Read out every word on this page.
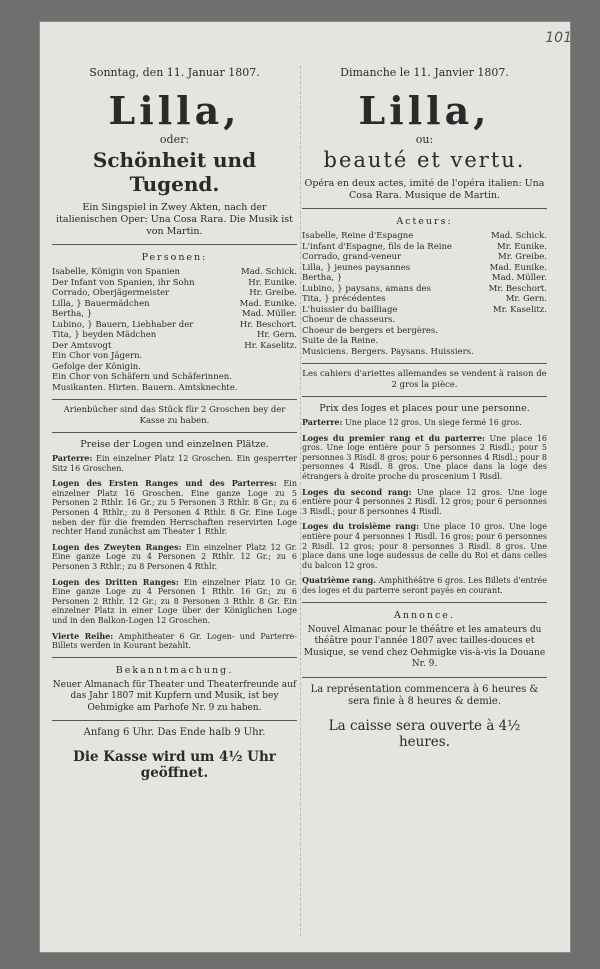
101
Sonntag, den 11. Januar 1807.
Lilla,
oder:
Schönheit und Tugend.
Ein Singspiel in Zwey Akten, nach der italienischen Oper: Una Cosa Rara. Die Musik ist von Martin.
Personen:
Isabelle, Königin von Spanien	Mad. Schick.
Der Infant von Spanien, ihr Sohn	Hr. Eunike.
Corrado, Oberjägermeister	Hr. Greibe.
Lilla, } Bauermädchen	Mad. Eunike.
Bertha, }	Mad. Müller.
Lubino, } Bauern, Liebhaber der	Hr. Beschort.
Tita, } beyden Mädchen	Hr. Gern.
Der Amtsvogt	Hr. Kaselitz.
Ein Chor von Jägern.
Gefolge der Königin.
Ein Chor von Schäfern und Schäferinnen.
Musikanten. Hirten. Bauern. Amtsknechte.
Arienbücher sind das Stück für 2 Groschen bey der Kasse zu haben.
Preise der Logen und einzelnen Plätze.

Parterre: Ein einzelner Platz 12 Groschen. Ein gesperrter Sitz 16 Groschen.

Logen des Ersten Ranges und des Parterres: Ein einzelner Platz 16 Groschen. Eine ganze Loge zu 5 Personen 2 Rthlr. 16 Gr.; zu 5 Personen 3 Rthlr. 8 Gr.; zu 6 Personen 4 Rthlr.; zu 8 Personen 4 Rthlr. 8 Gr. Eine Loge neben der für die fremden Herrschaften reservirten Loge rechter Hand zunächst am Theater 1 Rthlr.

Logen des Zweyten Ranges: Ein einzelner Platz 12 Gr. Eine ganze Loge zu 4 Personen 2 Rthlr. 12 Gr.; zu 6 Personen 3 Rthlr.; zu 8 Personen 4 Rthlr.

Logen des Dritten Ranges: Ein einzelner Platz 10 Gr. Eine ganze Loge zu 4 Personen 1 Rthlr. 16 Gr.; zu 6 Personen 2 Rthlr. 12 Gr.; zu 8 Personen 3 Rthlr. 8 Gr. Ein einzelner Platz in einer Loge über der Königlichen Loge und in den Balkon-Logen 12 Groschen.

Vierte Reihe: Amphitheater 6 Gr. Logen- und Parterre-Billets werden in Kourant bezahlt.

Bekanntmachung.
Neuer Almanach für Theater und Theaterfreunde auf das Jahr 1807 mit Kupfern und Musik, ist bey Oehmigke am Parhofe Nr. 9 zu haben.
Anfang 6 Uhr. Das Ende halb 9 Uhr.
Die Kasse wird um 4½ Uhr geöffnet.
Dimanche le 11. Janvier 1807.
Lilla,
ou:
beauté et vertu.
Opéra en deux actes, imité de l'opéra italien: Una Cosa Rara. Musique de Martin.
Acteurs:
Isabelle, Reine d'Espagne	Mad. Schick.
L'infant d'Espagne, fils de la Reine	Mr. Eunike.
Corrado, grand-veneur	Mr. Greibe.
Lilla, } jeunes paysannes	Mad. Eunike.
Bertha, }	Mad. Müller.
Lubino, } paysans, amans des	Mr. Beschort.
Tita, } précédentes	Mr. Gern.
L'huissier du bailliage	Mr. Kaselitz.
Choeur de chasseurs.
Choeur de bergers et bergères.
Suite de la Reine.
Musiciens. Bergers. Paysans. Huissiers.
Les cahiers d'ariettes allemandes se vendent à raison de 2 gros la pièce.
Prix des loges et places pour une personne.

Parterre: Une place 12 gros. Un siege fermé 16 gros.

Loges du premier rang et du parterre: Une place 16 gros. Une loge entière pour 5 personnes 2 Risdl.; pour 5 personnes 3 Risdl. 8 gros; pour 6 personnes 4 Risdl.; pour 8 personnes 4 Risdl. 8 gros. Une place dans la loge des étrangers à droite proche du proscenium 1 Risdl.

Loges du second rang: Une place 12 gros. Une loge entière pour 4 personnes 2 Risdl. 12 gros; pour 6 personnes 3 Risdl.; pour 8 personnes 4 Risdl.

Loges du troisième rang: Une place 10 gros. Une loge entière pour 4 personnes 1 Risdl. 16 gros; pour 6 personnes 2 Risdl. 12 gros; pour 8 personnes 3 Risdl. 8 gros. Une place dans une loge audessus de celle du Roi et dans celles du balcon 12 gros.

Quatrième rang. Amphithéâtre 6 gros. Les Billets d'entrée des loges et du parterre seront payés en courant.

Annonce.
Nouvel Almanac pour le théâtre et les amateurs du théâtre pour l'année 1807 avec tailles-douces et Musique, se vend chez Oehmigke vis-à-vis la Douane Nr. 9.
La représentation commencera à 6 heures & sera finie à 8 heures & demie.
La caisse sera ouverte à 4½ heures.
